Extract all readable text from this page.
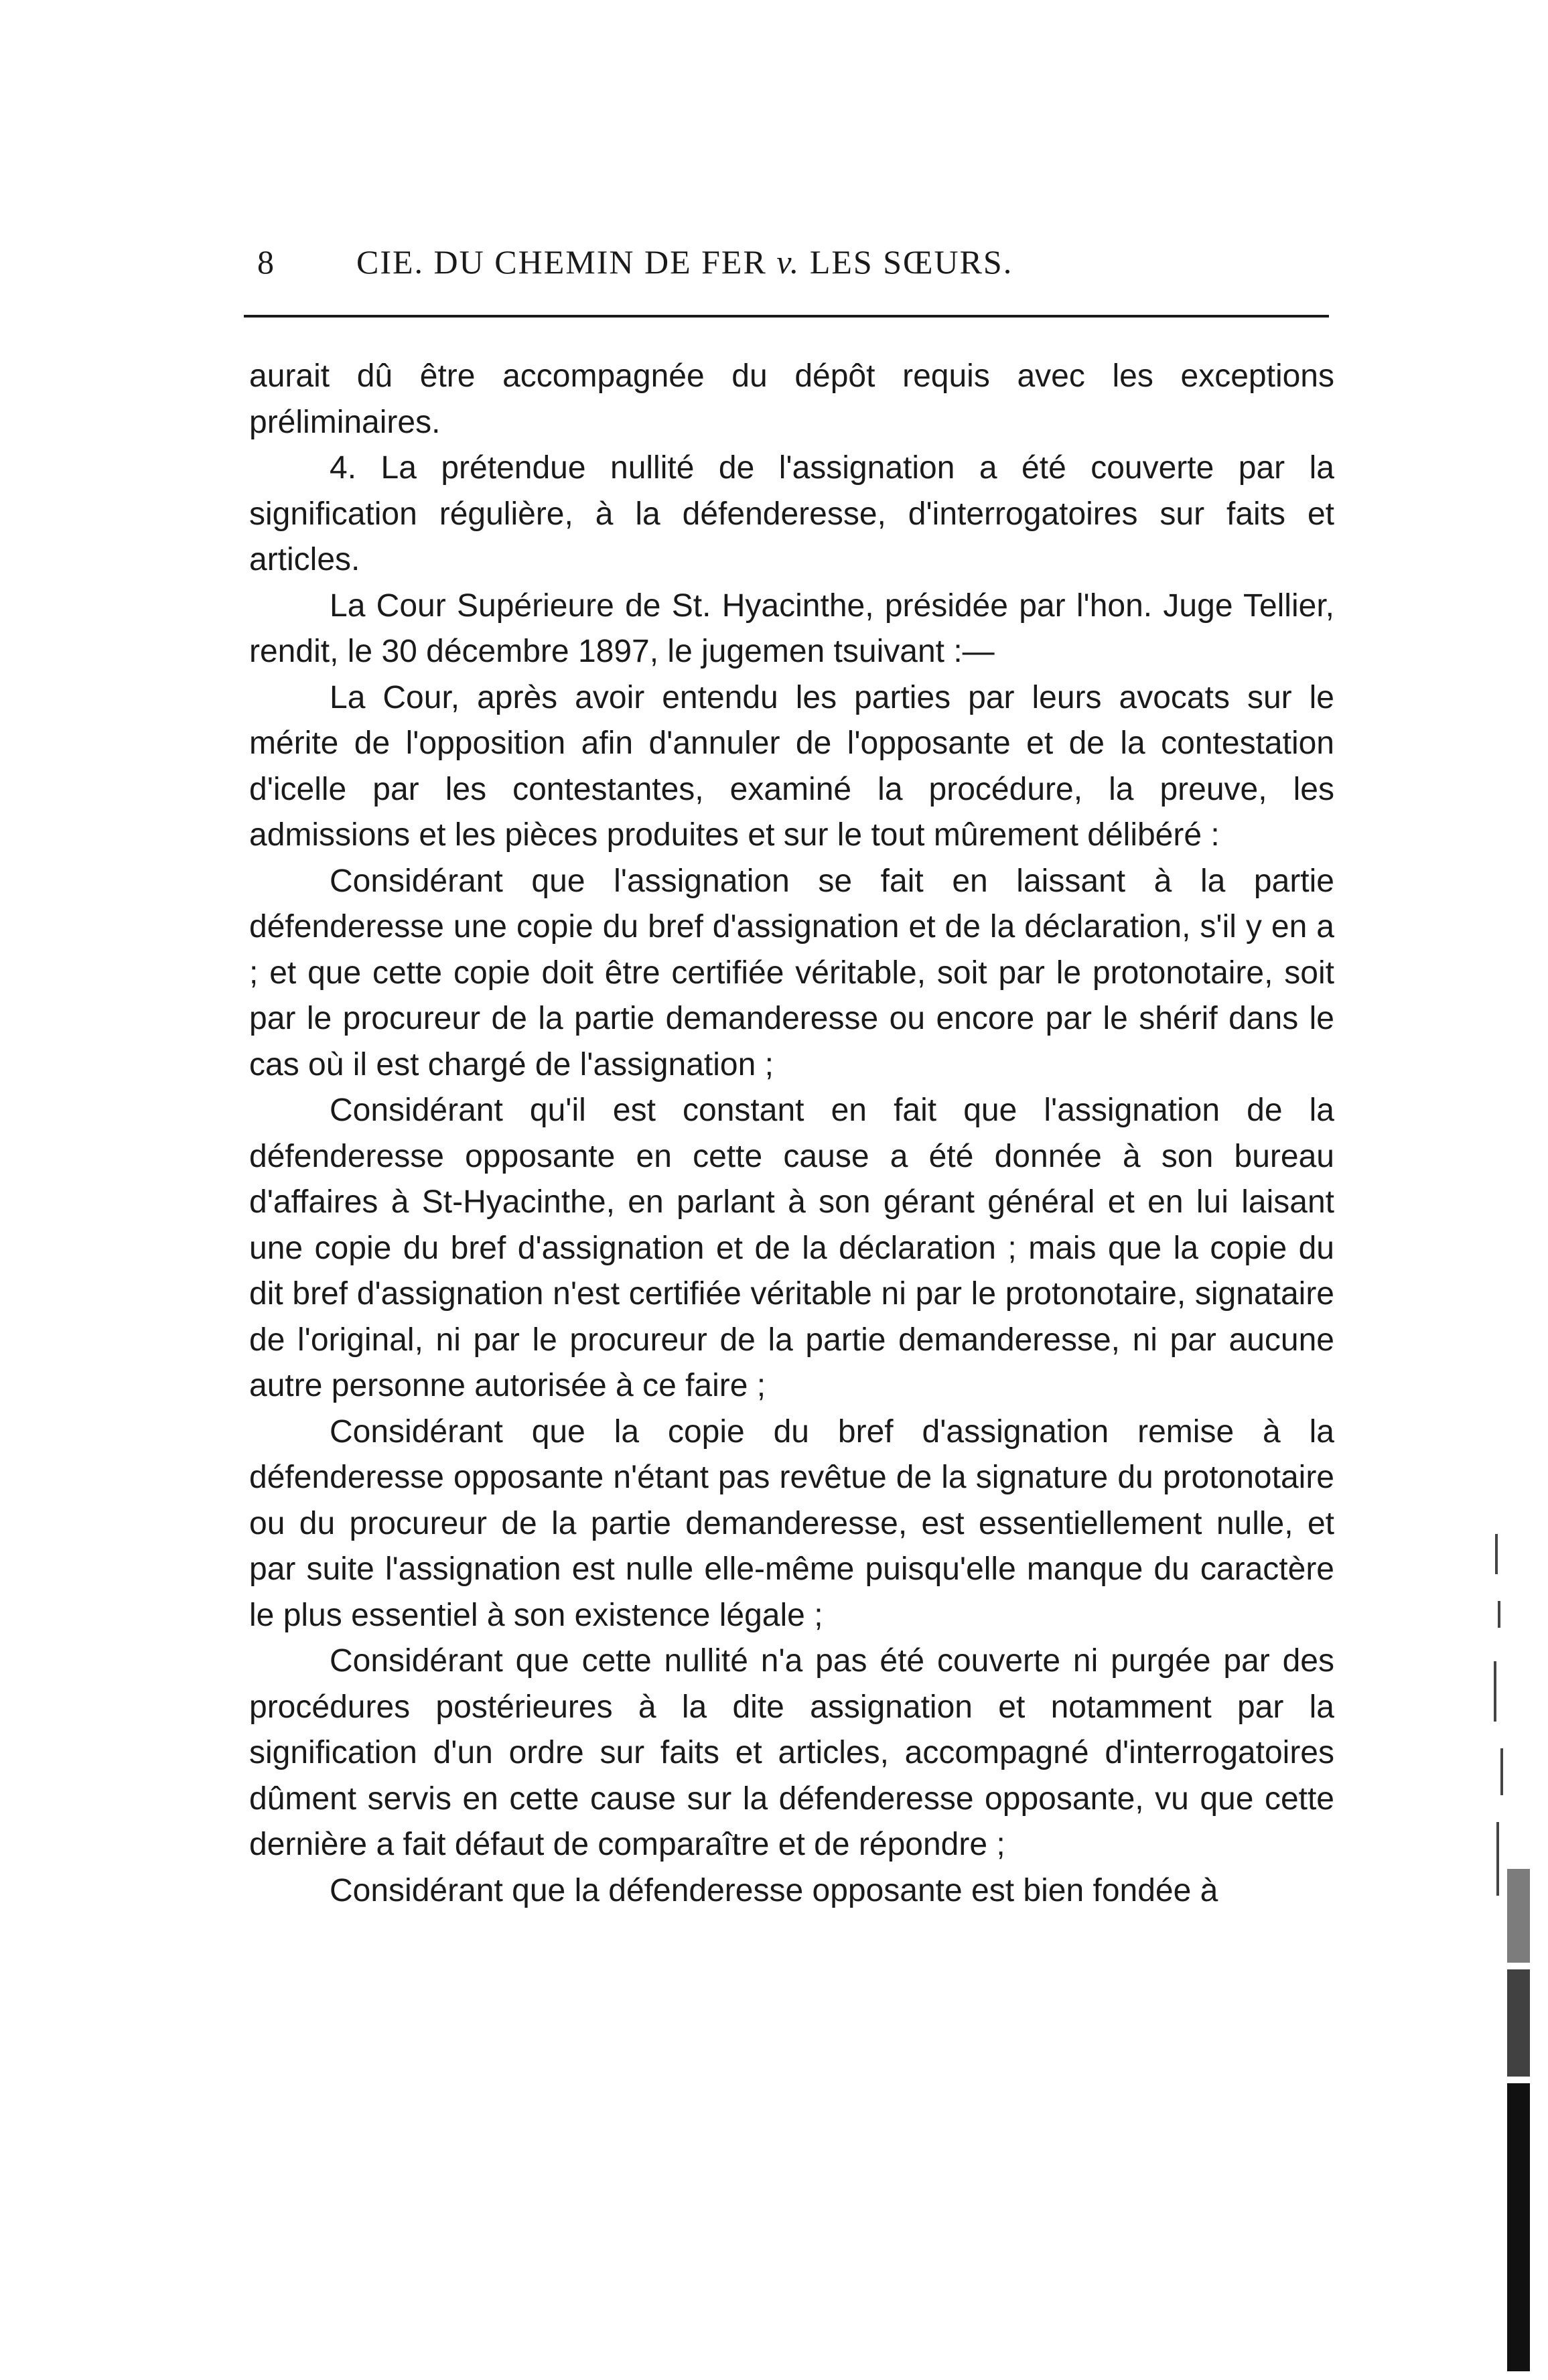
8 CIE. DU CHEMIN DE FER v. LES SŒURS.

aurait dû être accompagnée du dépôt requis avec les exceptions préliminaires.

4. La prétendue nullité de l'assignation a été couverte par la signification régulière, à la défenderesse, d'interrogatoires sur faits et articles.

La Cour Supérieure de St. Hyacinthe, présidée par l'hon. Juge Tellier, rendit, le 30 décembre 1897, le jugemen tsuivant :—

La Cour, après avoir entendu les parties par leurs avocats sur le mérite de l'opposition afin d'annuler de l'opposante et de la contestation d'icelle par les contestantes, examiné la procédure, la preuve, les admissions et les pièces produites et sur le tout mûrement délibéré :

Considérant que l'assignation se fait en laissant à la partie défenderesse une copie du bref d'assignation et de la déclaration, s'il y en a ; et que cette copie doit être certifiée véritable, soit par le protonotaire, soit par le procureur de la partie demanderesse ou encore par le shérif dans le cas où il est chargé de l'assignation ;

Considérant qu'il est constant en fait que l'assignation de la défenderesse opposante en cette cause a été donnée à son bureau d'affaires à St-Hyacinthe, en parlant à son gérant général et en lui laisant une copie du bref d'assignation et de la déclaration ; mais que la copie du dit bref d'assignation n'est certifiée véritable ni par le protonotaire, signataire de l'original, ni par le procureur de la partie demanderesse, ni par aucune autre personne autorisée à ce faire ;

Considérant que la copie du bref d'assignation remise à la défenderesse opposante n'étant pas revêtue de la signature du protonotaire ou du procureur de la partie demanderesse, est essentiellement nulle, et par suite l'assignation est nulle elle-même puisqu'elle manque du caractère le plus essentiel à son existence légale ;

Considérant que cette nullité n'a pas été couverte ni purgée par des procédures postérieures à la dite assignation et notamment par la signification d'un ordre sur faits et articles, accompagné d'interrogatoires dûment servis en cette cause sur la défenderesse opposante, vu que cette dernière a fait défaut de comparaître et de répondre ;

Considérant que la défenderesse opposante est bien fondée à
